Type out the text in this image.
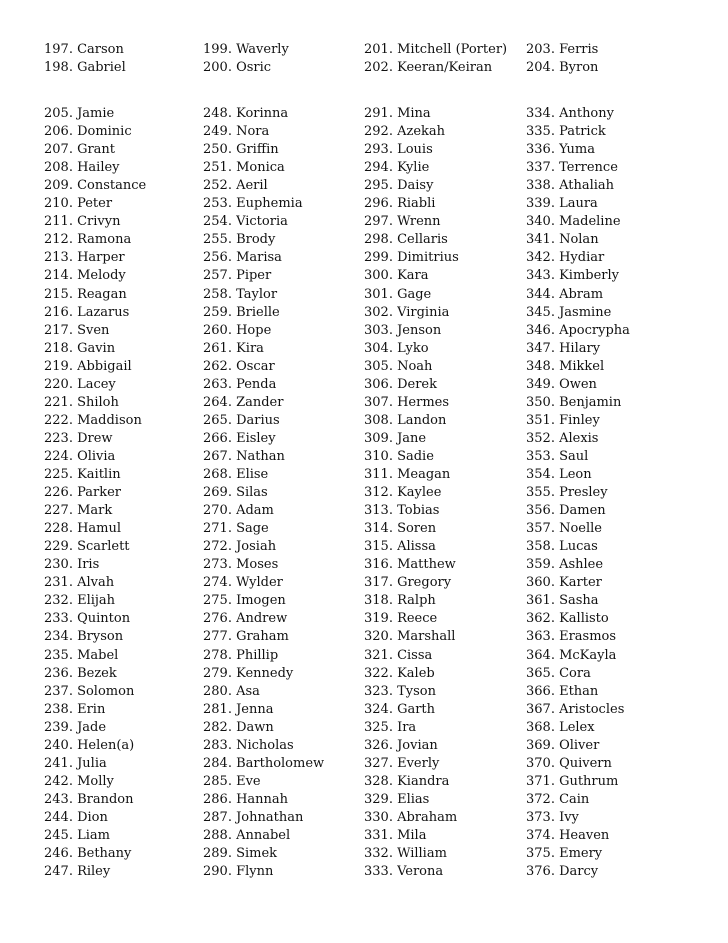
197. Carson	199. Waverly	201. Mitchell (Porter) 203. Ferris
198. Gabriel	200. Osric	202. Keeran/Keiran	204. Byron
205. Jamie	248. Korinna	291. Mina	334. Anthony
206. Dominic	249. Nora	292. Azekah	335. Patrick
207. Grant	250. Griffin	293. Louis	336. Yuma
208. Hailey	251. Monica	294. Kylie	337. Terrence
209. Constance	252. Aeril	295. Daisy	338. Athaliah
210. Peter	253. Euphemia	296. Riabli	339. Laura
211. Crivyn	254. Victoria	297. Wrenn	340. Madeline
212. Ramona	255. Brody	298. Cellaris	341. Nolan
213. Harper	256. Marisa	299. Dimitrius	342. Hydiar
214. Melody	257. Piper	300. Kara	343. Kimberly
215. Reagan	258. Taylor	301. Gage	344. Abram
216. Lazarus	259. Brielle	302. Virginia	345. Jasmine
217. Sven	260. Hope	303. Jenson	346. Apocrypha
218. Gavin	261. Kira	304. Lyko	347. Hilary
219. Abbigail	262. Oscar	305. Noah	348. Mikkel
220. Lacey	263. Penda	306. Derek	349. Owen
221. Shiloh	264. Zander	307. Hermes	350. Benjamin
222. Maddison	265. Darius	308. Landon	351. Finley
223. Drew	266. Eisley	309. Jane	352. Alexis
224. Olivia	267. Nathan	310. Sadie	353. Saul
225. Kaitlin	268. Elise	311. Meagan	354. Leon
226. Parker	269. Silas	312. Kaylee	355. Presley
227. Mark	270. Adam	313. Tobias	356. Damen
228. Hamul	271. Sage	314. Soren	357. Noelle
229. Scarlett	272. Josiah	315. Alissa	358. Lucas
230. Iris	273. Moses	316. Matthew	359. Ashlee
231. Alvah	274. Wylder	317. Gregory	360. Karter
232. Elijah	275. Imogen	318. Ralph	361. Sasha
233. Quinton	276. Andrew	319. Reece	362. Kallisto
234. Bryson	277. Graham	320. Marshall	363. Erasmos
235. Mabel	278. Phillip	321. Cissa	364. McKayla
236. Bezek	279. Kennedy	322. Kaleb	365. Cora
237. Solomon	280. Asa	323. Tyson	366. Ethan
238. Erin	281. Jenna	324. Garth	367. Aristocles
239. Jade	282. Dawn	325. Ira	368. Lelex
240. Helen(a)	283. Nicholas	326. Jovian	369. Oliver
241. Julia	284. Bartholomew	327. Everly	370. Quivern
242. Molly	285. Eve	328. Kiandra	371. Guthrum
243. Brandon	286. Hannah	329. Elias	372. Cain
244. Dion	287. Johnathan	330. Abraham	373. Ivy
245. Liam	288. Annabel	331. Mila	374. Heaven
246. Bethany	289. Simek	332. William	375. Emery
247. Riley	290. Flynn	333. Verona	376. Darcy
